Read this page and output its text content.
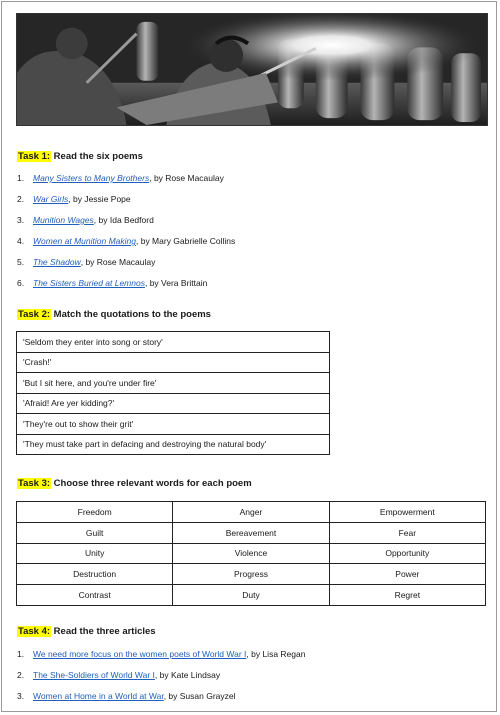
Task 1: Read the six poems
1. Many Sisters to Many Brothers, by Rose Macaulay
2. War Girls, by Jessie Pope
3. Munition Wages, by Ida Bedford
4. Women at Munition Making, by Mary Gabrielle Collins
5. The Shadow, by Rose Macaulay
6. The Sisters Buried at Lemnos, by Vera Brittain
Task 2: Match the quotations to the poems
'Seldom they enter into song or story'
'Crash!'
'But I sit here, and you're under fire'
'Afraid! Are yer kidding?'
'They're out to show their grit'
'They must take part in defacing and destroying the natural body'
Task 3: Choose three relevant words for each poem
Freedom	Anger	Empowerment
Guilt	Bereavement	Fear
Unity	Violence	Opportunity
Destruction	Progress	Power
Contrast	Duty	Regret
Task 4: Read the three articles
1. We need more focus on the women poets of World War I, by Lisa Regan
2. The She-Soldiers of World War I, by Kate Lindsay
3. Women at Home in a World at War, by Susan Grayzel
